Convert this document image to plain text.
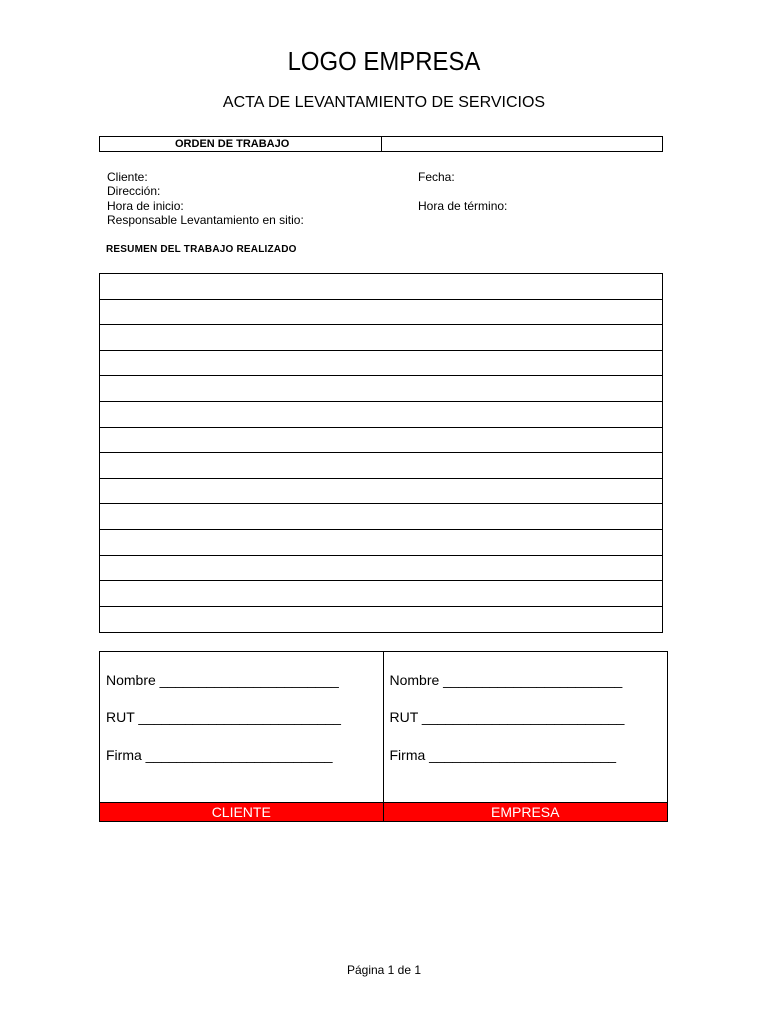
LOGO EMPRESA
ACTA DE LEVANTAMIENTO DE SERVICIOS
ORDEN DE TRABAJO
Cliente:
Dirección:
Hora de inicio:
Responsable Levantamiento en sitio:
Fecha:
Hora de término:
RESUMEN DEL TRABAJO REALIZADO
Nombre _______________________
RUT __________________________
Firma ________________________
CLIENTE
Nombre _______________________
RUT __________________________
Firma ________________________
EMPRESA
Página 1 de 1
